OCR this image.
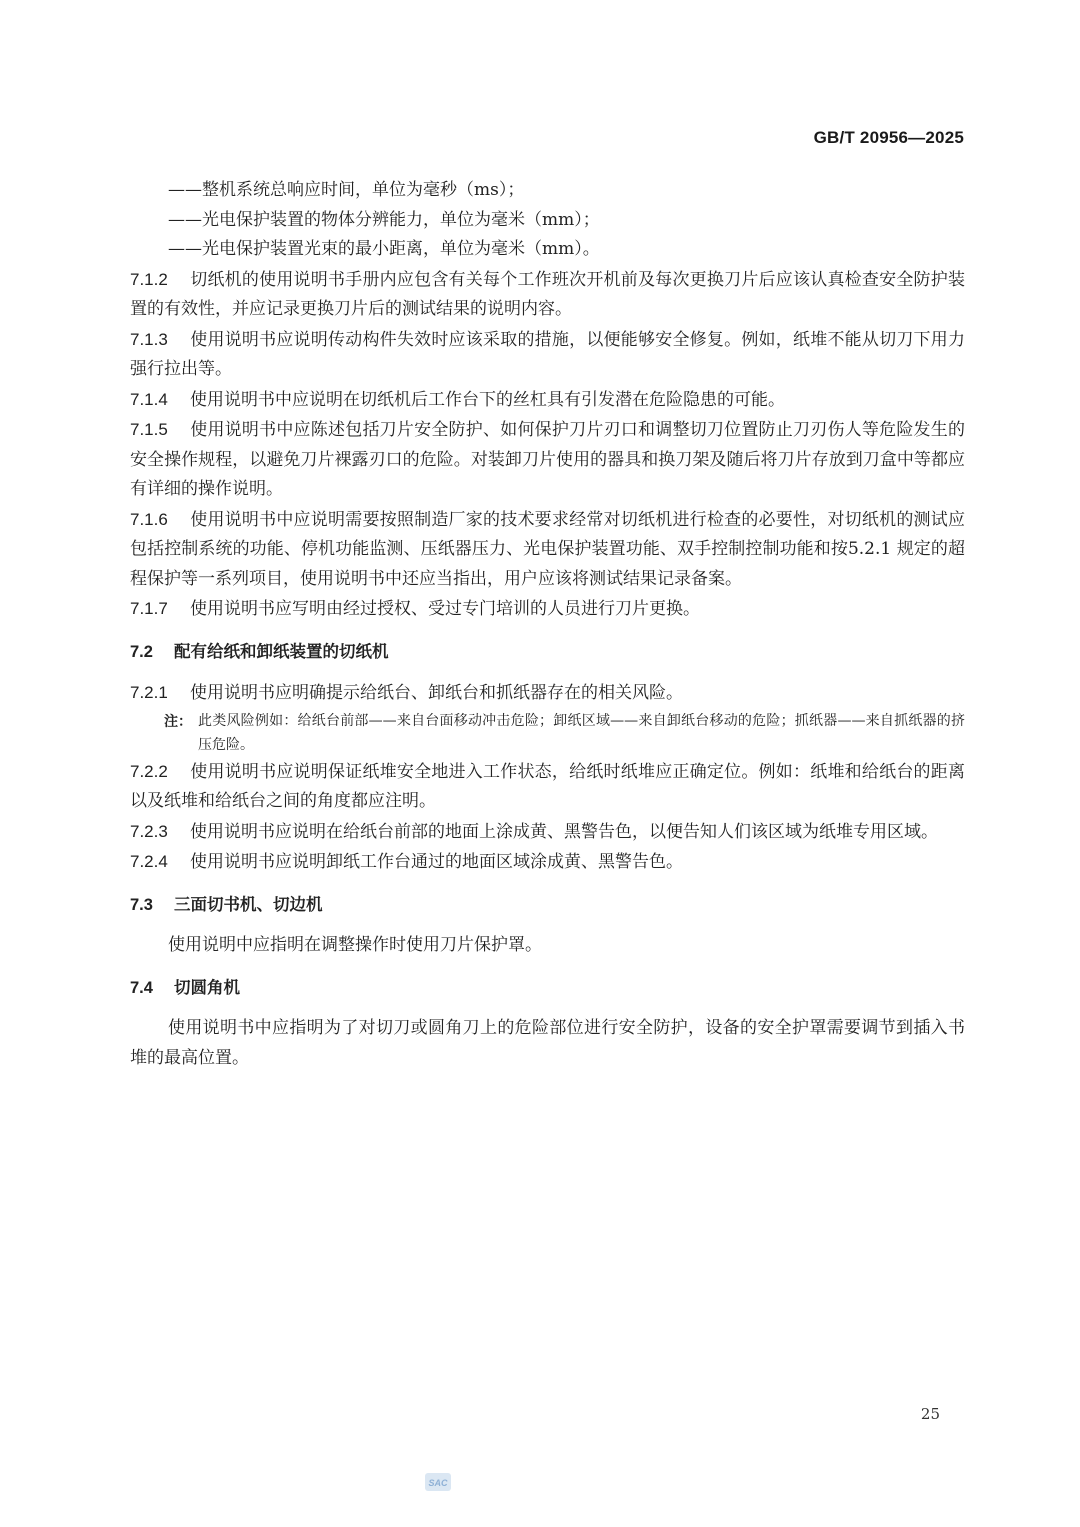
GB/T 20956—2025
——整机系统总响应时间，单位为毫秒（ms）；
——光电保护装置的物体分辨能力，单位为毫米（mm）；
——光电保护装置光束的最小距离，单位为毫米（mm）。
7.1.2 切纸机的使用说明书手册内应包含有关每个工作班次开机前及每次更换刀片后应该认真检查安全防护装置的有效性，并应记录更换刀片后的测试结果的说明内容。
7.1.3 使用说明书应说明传动构件失效时应该采取的措施，以便能够安全修复。例如，纸堆不能从切刀下用力强行拉出等。
7.1.4 使用说明书中应说明在切纸机后工作台下的丝杠具有引发潜在危险隐患的可能。
7.1.5 使用说明书中应陈述包括刀片安全防护、如何保护刀片刃口和调整切刀位置防止刀刃伤人等危险发生的安全操作规程，以避免刀片裸露刃口的危险。对装卸刀片使用的器具和换刀架及随后将刀片存放到刀盒中等都应有详细的操作说明。
7.1.6 使用说明书中应说明需要按照制造厂家的技术要求经常对切纸机进行检查的必要性，对切纸机的测试应包括控制系统的功能、停机功能监测、压纸器压力、光电保护装置功能、双手控制控制功能和按5.2.1 规定的超程保护等一系列项目，使用说明书中还应当指出，用户应该将测试结果记录备案。
7.1.7 使用说明书应写明由经过授权、受过专门培训的人员进行刀片更换。
7.2 配有给纸和卸纸装置的切纸机
7.2.1 使用说明书应明确提示给纸台、卸纸台和抓纸器存在的相关风险。
注： 此类风险例如：给纸台前部——来自台面移动冲击危险；卸纸区域——来自卸纸台移动的危险；抓纸器——来自抓纸器的挤压危险。
7.2.2 使用说明书应说明保证纸堆安全地进入工作状态，给纸时纸堆应正确定位。例如：纸堆和给纸台的距离以及纸堆和给纸台之间的角度都应注明。
7.2.3 使用说明书应说明在给纸台前部的地面上涂成黄、黑警告色，以便告知人们该区域为纸堆专用区域。
7.2.4 使用说明书应说明卸纸工作台通过的地面区域涂成黄、黑警告色。
7.3 三面切书机、切边机
使用说明中应指明在调整操作时使用刀片保护罩。
7.4 切圆角机
使用说明书中应指明为了对切刀或圆角刀上的危险部位进行安全防护，设备的安全护罩需要调节到插入书堆的最高位置。
25
SAC
